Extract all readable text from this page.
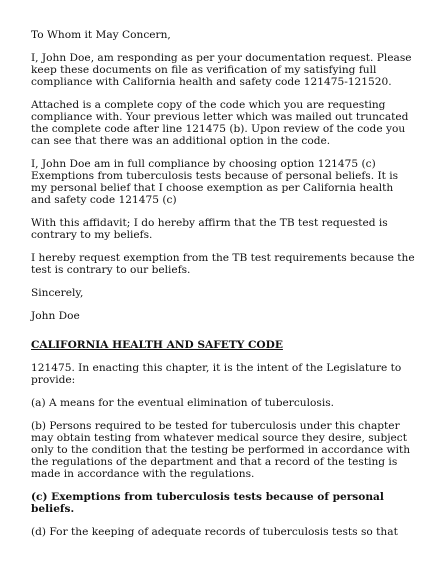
To Whom it May Concern,

I, John Doe, am responding as per your documentation request. Please keep these documents on file as verification of my satisfying full compliance with California health and safety code 121475-121520.

Attached is a complete copy of the code which you are requesting compliance with. Your previous letter which was mailed out truncated the complete code after line 121475 (b). Upon review of the code you can see that there was an additional option in the code.

I, John Doe am in full compliance by choosing option 121475 (c) Exemptions from tuberculosis tests because of personal beliefs. It is my personal belief that I choose exemption as per California health and safety code 121475 (c)

With this affidavit; I do hereby affirm that the TB test requested is contrary to my beliefs.

I hereby request exemption from the TB test requirements because the test is contrary to our beliefs.

Sincerely,

John Doe

CALIFORNIA HEALTH AND SAFETY CODE

121475. In enacting this chapter, it is the intent of the Legislature to provide:

(a) A means for the eventual elimination of tuberculosis.

(b) Persons required to be tested for tuberculosis under this chapter may obtain testing from whatever medical source they desire, subject only to the condition that the testing be performed in accordance with the regulations of the department and that a record of the testing is made in accordance with the regulations.

(c) Exemptions from tuberculosis tests because of personal beliefs.

(d) For the keeping of adequate records of tuberculosis tests so that
